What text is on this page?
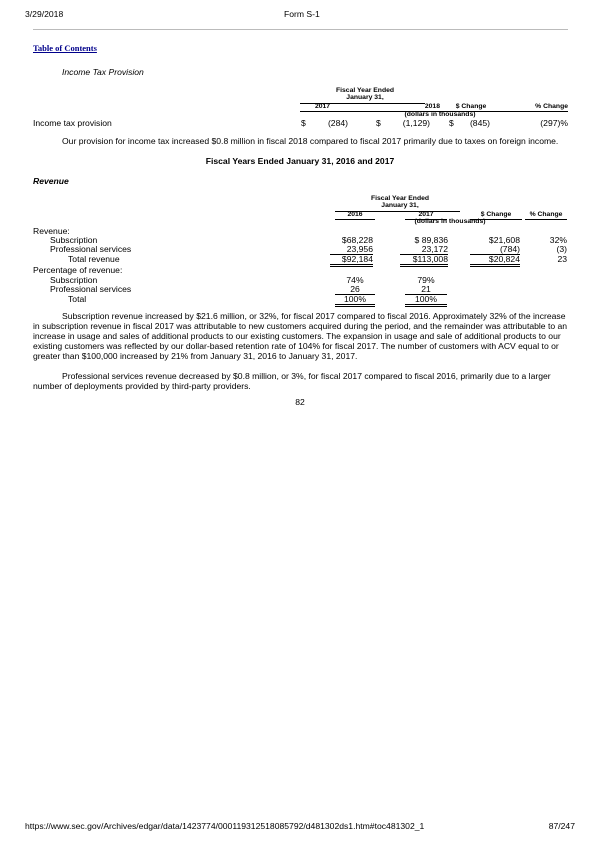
3/29/2018	Form S-1
Table of Contents
Income Tax Provision
Fiscal Year Ended
January 31,
2017	2018	$ Change	% Change
(dollars in thousands)
Income tax provision	$	(284)	$	(1,129) $	(845)	(297)%
Our provision for income tax increased $0.8 million in fiscal 2018 compared to fiscal 2017 primarily due to taxes on foreign income.
Fiscal Years Ended January 31, 2016 and 2017
Revenue
Fiscal Year Ended
January 31,
2016	2017	$ Change	% Change
(dollars in thousands)
Revenue:
Subscription	$68,228	$ 89,836	$21,608	32%
Professional services	23,956	23,172	(784)	(3)
Total revenue	$92,184	$113,008	$20,824	23
Percentage of revenue:
Subscription	74%	79%
Professional services	26	21
Total	100%	100%
Subscription revenue increased by $21.6 million, or 32%, for fiscal 2017 compared to fiscal 2016. Approximately 32% of the increase in subscription revenue in fiscal 2017 was attributable to new customers acquired during the period, and the remainder was attributable to an increase in usage and sales of additional products to our existing customers. The expansion in usage and sale of additional products to our existing customers was reflected by our dollar-based retention rate of 104% for fiscal 2017. The number of customers with ACV equal to or greater than $100,000 increased by 21% from January 31, 2016 to January 31, 2017.
Professional services revenue decreased by $0.8 million, or 3%, for fiscal 2017 compared to fiscal 2016, primarily due to a larger number of deployments provided by third-party providers.
82
https://www.sec.gov/Archives/edgar/data/1423774/000119312518085792/d481302ds1.htm#toc481302_1	87/247
